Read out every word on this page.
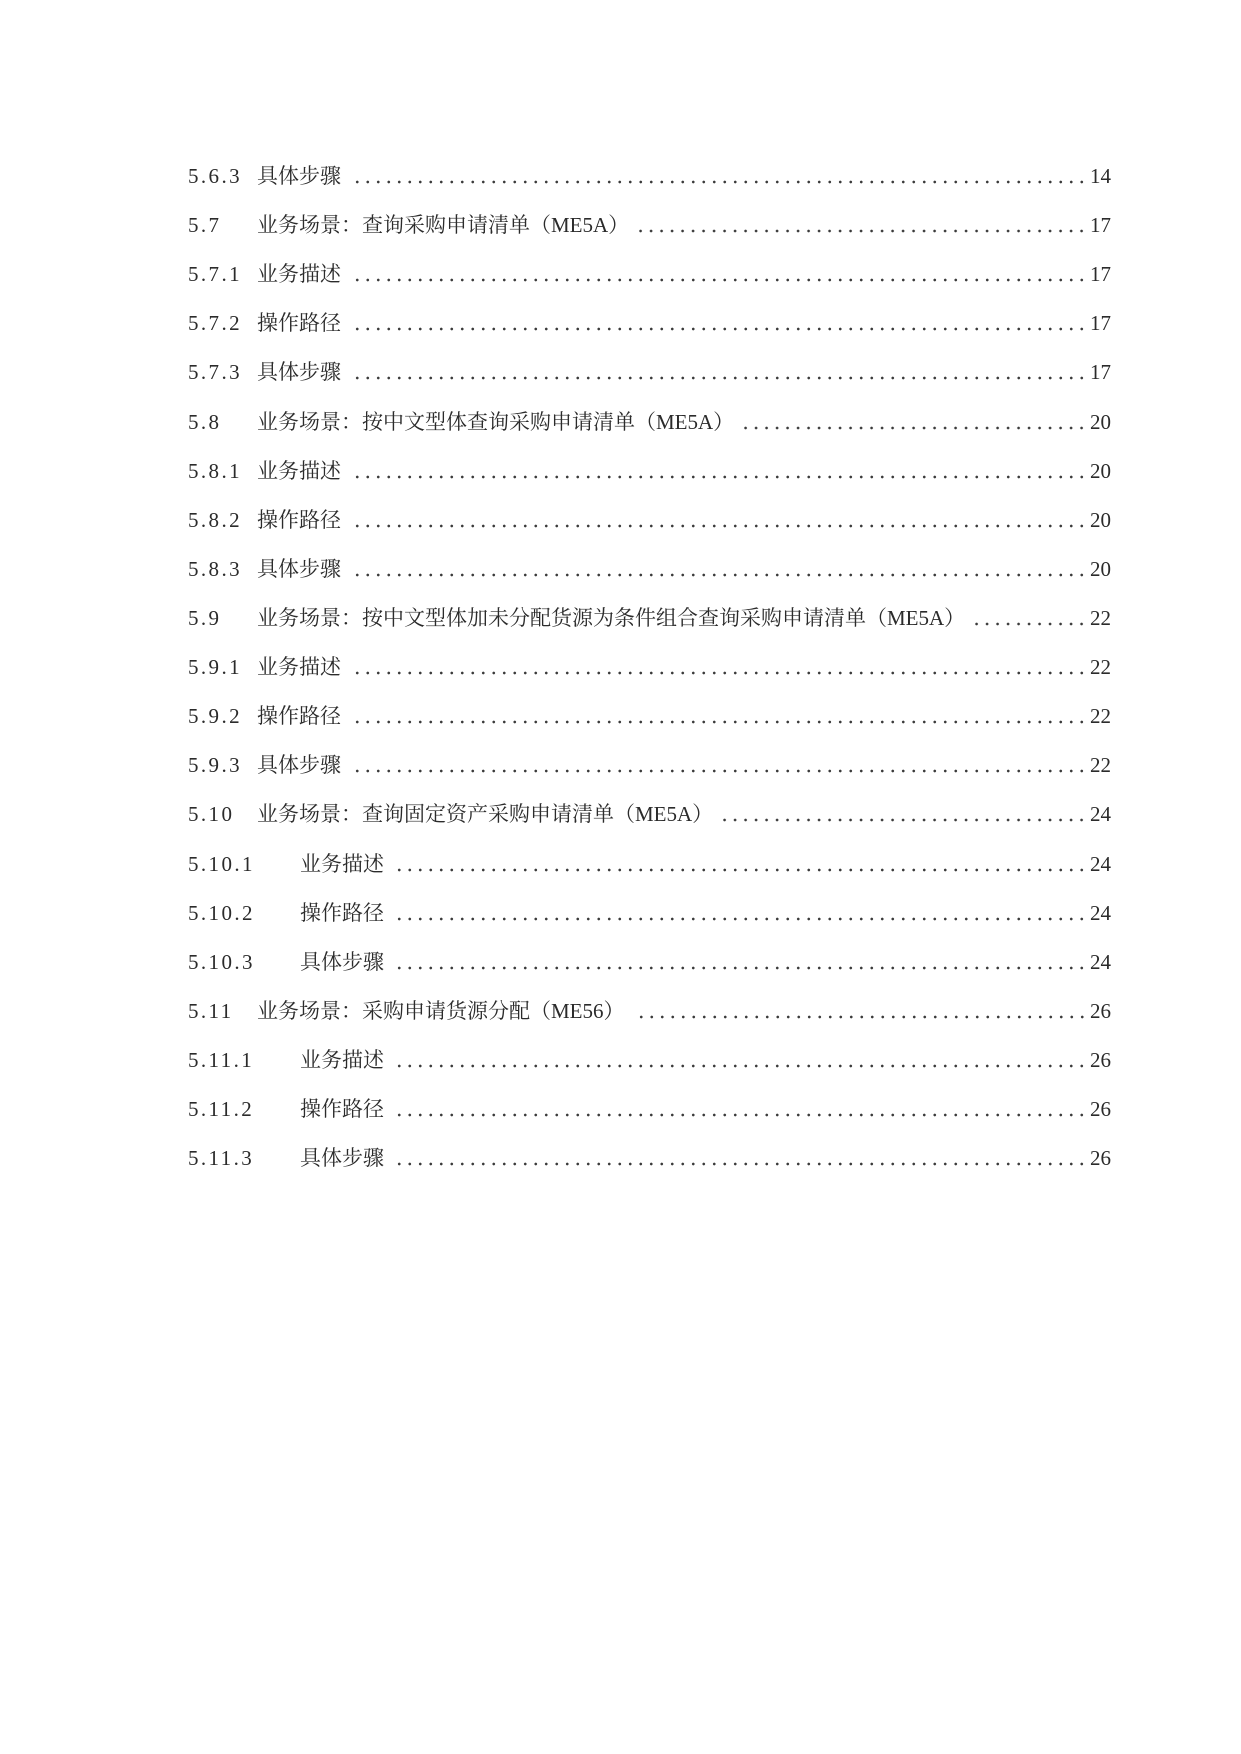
5.6.3 具体步骤	14
5.7 业务场景：查询采购申请清单（ME5A）	17
5.7.1 业务描述	17
5.7.2 操作路径	17
5.7.3 具体步骤	17
5.8 业务场景：按中文型体查询采购申请清单（ME5A）	20
5.8.1 业务描述	20
5.8.2 操作路径	20
5.8.3 具体步骤	20
5.9 业务场景：按中文型体加未分配货源为条件组合查询采购申请清单（ME5A）	22
5.9.1 业务描述	22
5.9.2 操作路径	22
5.9.3 具体步骤	22
5.10 业务场景：查询固定资产采购申请清单（ME5A）	24
5.10.1 业务描述	24
5.10.2 操作路径	24
5.10.3 具体步骤	24
5.11 业务场景：采购申请货源分配（ME56）	26
5.11.1 业务描述	26
5.11.2 操作路径	26
5.11.3 具体步骤	26
